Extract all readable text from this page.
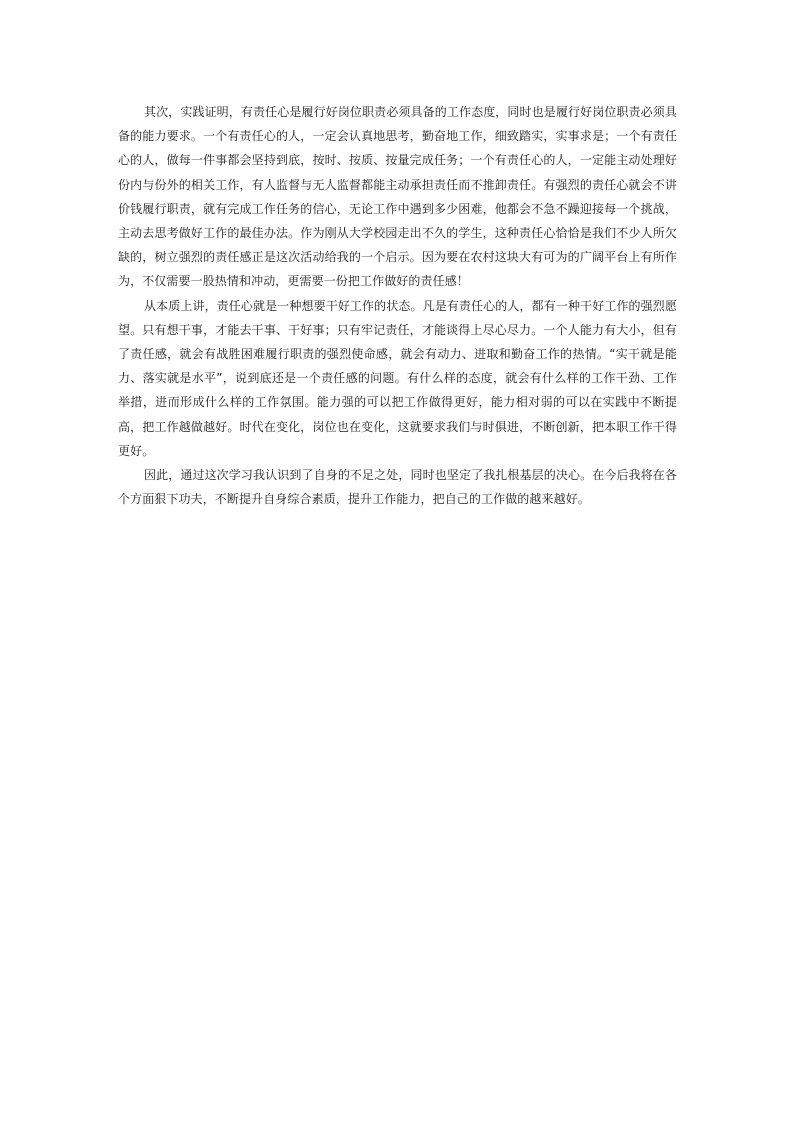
其次，实践证明，有责任心是履行好岗位职责必须具备的工作态度，同时也是履行好岗位职责必须具备的能力要求。一个有责任心的人，一定会认真地思考，勤奋地工作，细致踏实，实事求是；一个有责任心的人，做每一件事都会坚持到底，按时、按质、按量完成任务；一个有责任心的人，一定能主动处理好份内与份外的相关工作，有人监督与无人监督都能主动承担责任而不推卸责任。有强烈的责任心就会不讲价钱履行职责，就有完成工作任务的信心，无论工作中遇到多少困难，他都会不急不躁迎接每一个挑战，主动去思考做好工作的最佳办法。作为刚从大学校园走出不久的学生，这种责任心恰恰是我们不少人所欠缺的，树立强烈的责任感正是这次活动给我的一个启示。因为要在农村这块大有可为的广阔平台上有所作为，不仅需要一股热情和冲动，更需要一份把工作做好的责任感！

从本质上讲，责任心就是一种想要干好工作的状态。凡是有责任心的人，都有一种干好工作的强烈愿望。只有想干事，才能去干事、干好事；只有牢记责任，才能谈得上尽心尽力。一个人能力有大小，但有了责任感，就会有战胜困难履行职责的强烈使命感，就会有动力、进取和勤奋工作的热情。“实干就是能力、落实就是水平”，说到底还是一个责任感的问题。有什么样的态度，就会有什么样的工作干劲、工作举措，进而形成什么样的工作氛围。能力强的可以把工作做得更好，能力相对弱的可以在实践中不断提高，把工作越做越好。时代在变化，岗位也在变化，这就要求我们与时俱进，不断创新，把本职工作干得更好。

因此，通过这次学习我认识到了自身的不足之处，同时也坚定了我扎根基层的决心。在今后我将在各个方面狠下功夫，不断提升自身综合素质，提升工作能力，把自己的工作做的越来越好。
